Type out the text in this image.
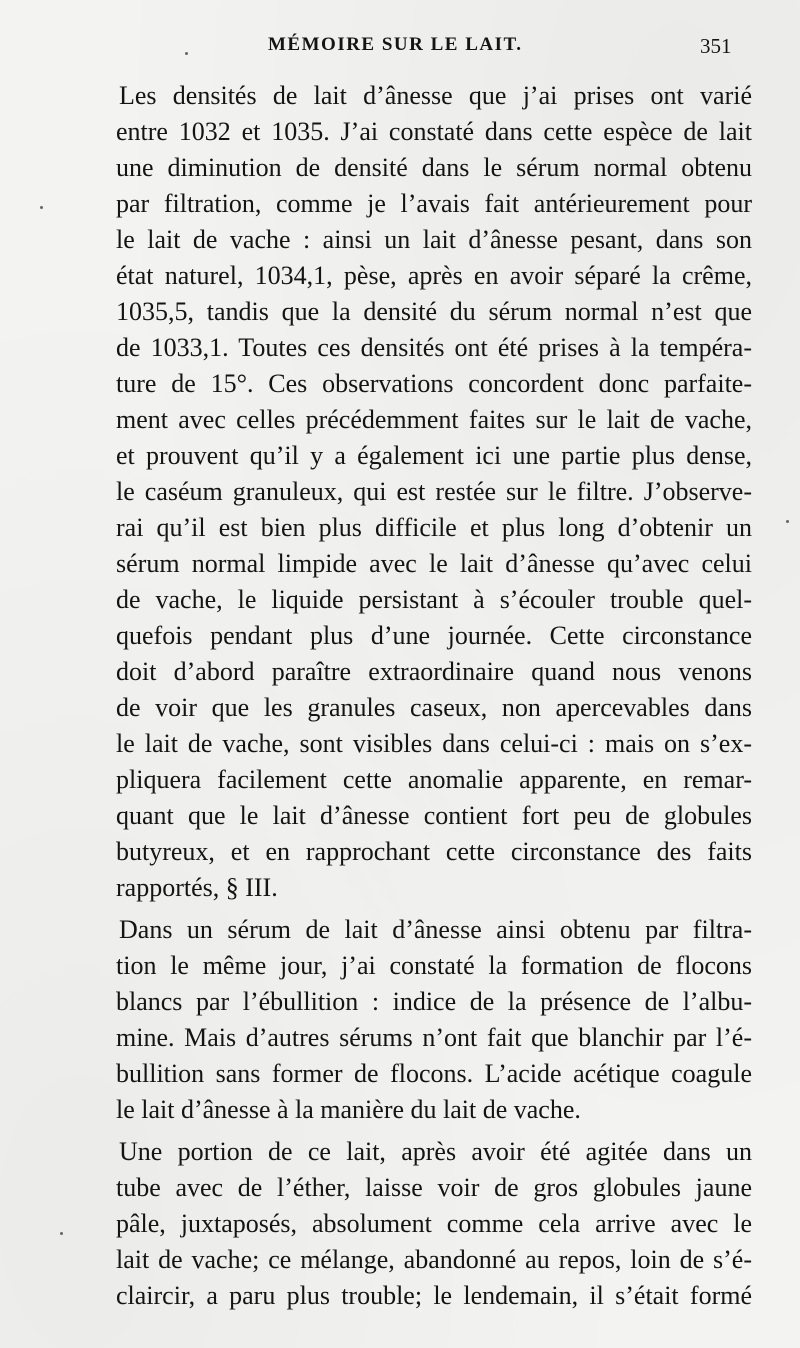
MÉMOIRE SUR LE LAIT.	351
Les densités de lait d’ânesse que j’ai prises ont varié
entre 1032 et 1035. J’ai constaté dans cette espèce de lait
une diminution de densité dans le sérum normal obtenu
par filtration, comme je l’avais fait antérieurement pour
le lait de vache : ainsi un lait d’ânesse pesant, dans son
état naturel, 1034,1, pèse, après en avoir séparé la crême,
1035,5, tandis que la densité du sérum normal n’est que
de 1033,1. Toutes ces densités ont été prises à la tempéra-
ture de 15°. Ces observations concordent donc parfaite-
ment avec celles précédemment faites sur le lait de vache,
et prouvent qu’il y a également ici une partie plus dense,
le caséum granuleux, qui est restée sur le filtre. J’observe-
rai qu’il est bien plus difficile et plus long d’obtenir un
sérum normal limpide avec le lait d’ânesse qu’avec celui
de vache, le liquide persistant à s’écouler trouble quel-
quefois pendant plus d’une journée. Cette circonstance
doit d’abord paraître extraordinaire quand nous venons
de voir que les granules caseux, non apercevables dans
le lait de vache, sont visibles dans celui-ci : mais on s’ex-
pliquera facilement cette anomalie apparente, en remar-
quant que le lait d’ânesse contient fort peu de globules
butyreux, et en rapprochant cette circonstance des faits
rapportés, § III.
Dans un sérum de lait d’ânesse ainsi obtenu par filtra-
tion le même jour, j’ai constaté la formation de flocons
blancs par l’ébullition : indice de la présence de l’albu-
mine. Mais d’autres sérums n’ont fait que blanchir par l’é-
bullition sans former de flocons. L’acide acétique coagule
le lait d’ânesse à la manière du lait de vache.
Une portion de ce lait, après avoir été agitée dans un
tube avec de l’éther, laisse voir de gros globules jaune
pâle, juxtaposés, absolument comme cela arrive avec le
lait de vache; ce mélange, abandonné au repos, loin de s’é-
claircir, a paru plus trouble; le lendemain, il s’était formé
